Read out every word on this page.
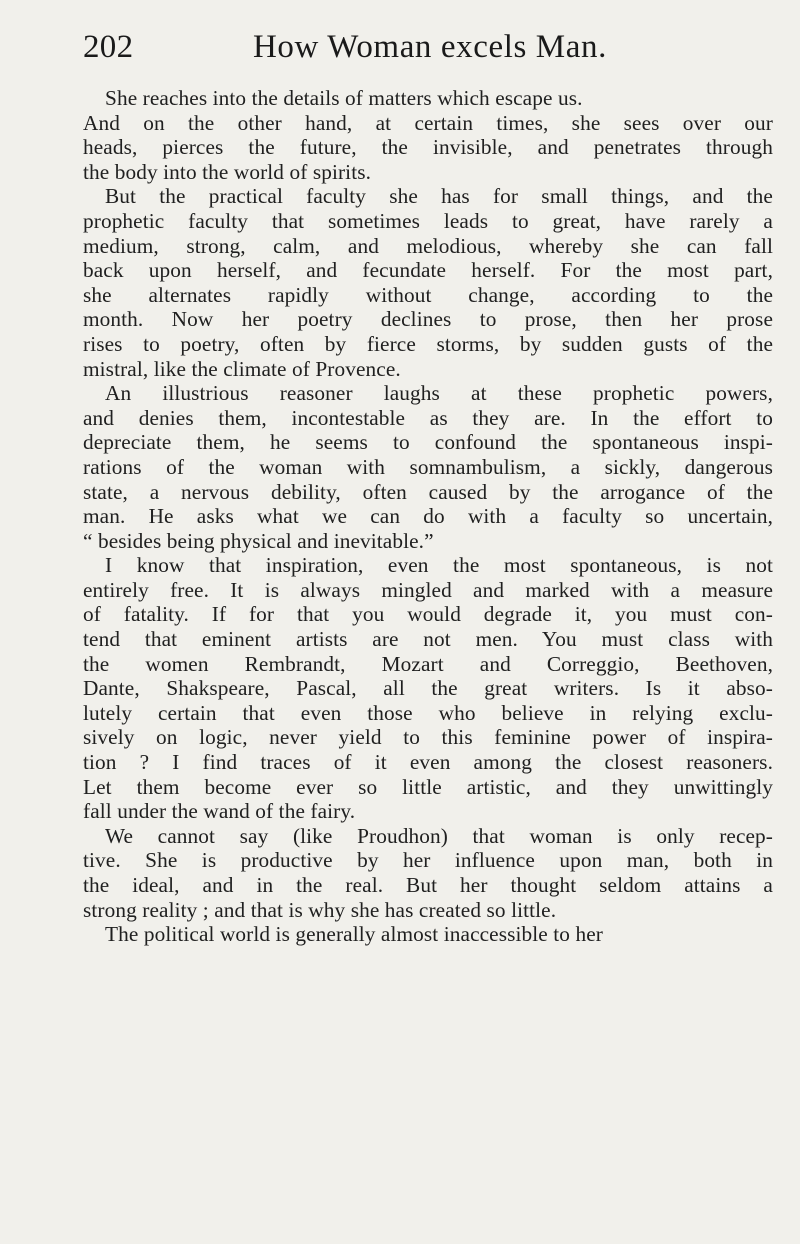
202	How Woman excels Man.
She reaches into the details of matters which escape us.
And on the other hand, at certain times, she sees over our
heads, pierces the future, the invisible, and penetrates through
the body into the world of spirits.
But the practical faculty she has for small things, and the
prophetic faculty that sometimes leads to great, have rarely a
medium, strong, calm, and melodious, whereby she can fall
back upon herself, and fecundate herself. For the most part,
she alternates rapidly without change, according to the
month. Now her poetry declines to prose, then her prose
rises to poetry, often by fierce storms, by sudden gusts of the
mistral, like the climate of Provence.
An illustrious reasoner laughs at these prophetic powers,
and denies them, incontestable as they are. In the effort to
depreciate them, he seems to confound the spontaneous inspi-
rations of the woman with somnambulism, a sickly, dangerous
state, a nervous debility, often caused by the arrogance of the
man. He asks what we can do with a faculty so uncertain,
“ besides being physical and inevitable.”
I know that inspiration, even the most spontaneous, is not
entirely free. It is always mingled and marked with a measure
of fatality. If for that you would degrade it, you must con-
tend that eminent artists are not men. You must class with
the women Rembrandt, Mozart and Correggio, Beethoven,
Dante, Shakspeare, Pascal, all the great writers. Is it abso-
lutely certain that even those who believe in relying exclu-
sively on logic, never yield to this feminine power of inspira-
tion ? I find traces of it even among the closest reasoners.
Let them become ever so little artistic, and they unwittingly
fall under the wand of the fairy.
We cannot say (like Proudhon) that woman is only recep-
tive. She is productive by her influence upon man, both in
the ideal, and in the real. But her thought seldom attains a
strong reality ; and that is why she has created so little.
The political world is generally almost inaccessible to her
